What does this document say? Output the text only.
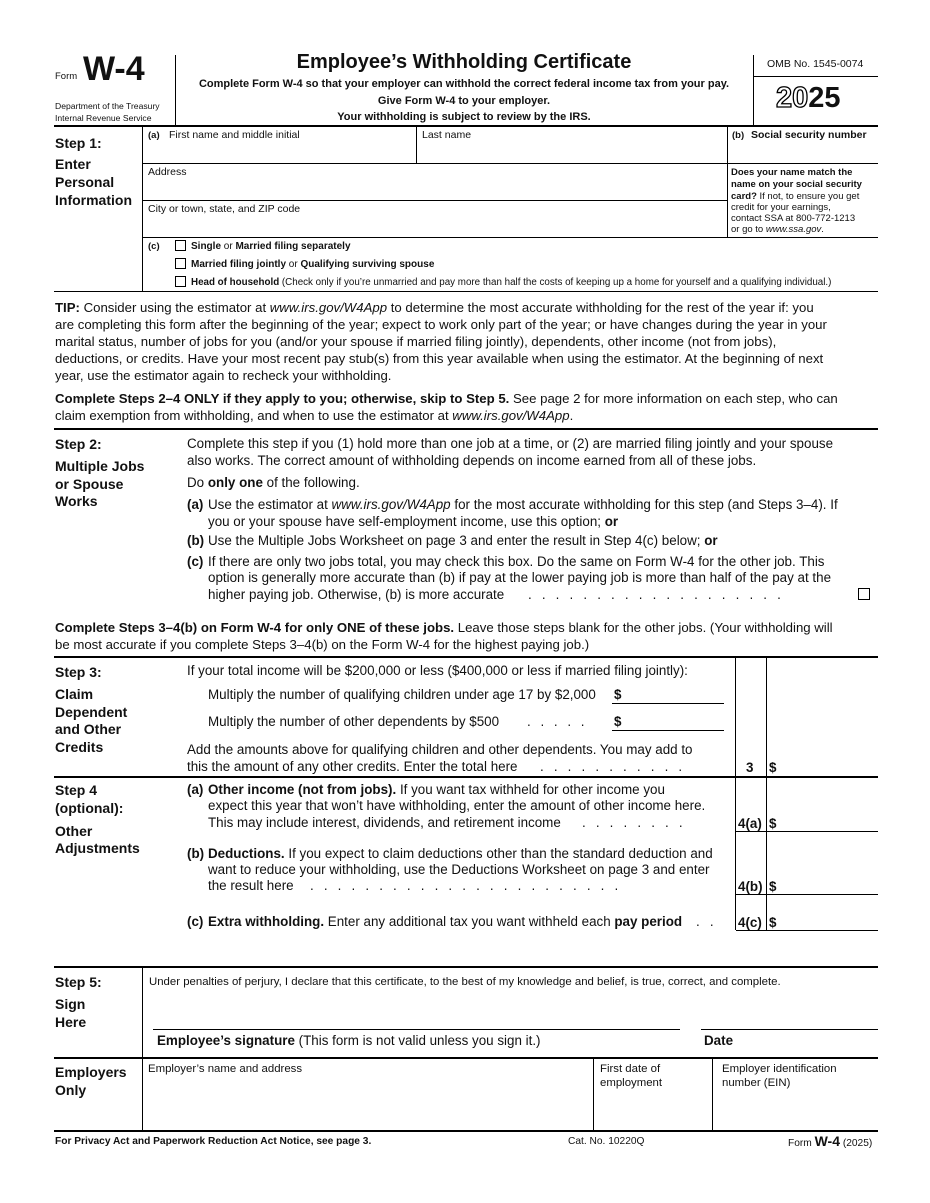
Form W-4
Department of the Treasury
Internal Revenue Service
Employee’s Withholding Certificate
Complete Form W-4 so that your employer can withhold the correct federal income tax from your pay.
Give Form W-4 to your employer.
Your withholding is subject to review by the IRS.
OMB No. 1545-0074
2025
Step 1:
Enter
Personal
Information
(a) First name and middle initial	Last name	(b) Social security number
Address	Does your name match the
name on your social security
card? If not, to ensure you get
credit for your earnings,
contact SSA at 800-772-1213
or go to www.ssa.gov.
City or town, state, and ZIP code
(c)	Single or Married filing separately
Married filing jointly or Qualifying surviving spouse
Head of household (Check only if you’re unmarried and pay more than half the costs of keeping up a home for yourself and a qualifying individual.)

TIP: Consider using the estimator at www.irs.gov/W4App to determine the most accurate withholding for the rest of the year if: you

are completing this form after the beginning of the year; expect to work only part of the year; or have changes during the year in your

marital status, number of jobs for you (and/or your spouse if married filing jointly), dependents, other income (not from jobs),

deductions, or credits. Have your most recent pay stub(s) from this year available when using the estimator. At the beginning of next

year, use the estimator again to recheck your withholding.

Complete Steps 2–4 ONLY if they apply to you; otherwise, skip to Step 5. See page 2 for more information on each step, who can

claim exemption from withholding, and when to use the estimator at www.irs.gov/W4App.

Step 2:
Multiple Jobs
or Spouse
Works
Complete this step if you (1) hold more than one job at a time, or (2) are married filing jointly and your spouse
also works. The correct amount of withholding depends on income earned from all of these jobs.
Do only one of the following.
(a) Use the estimator at www.irs.gov/W4App for the most accurate withholding for this step (and Steps 3–4). If
you or your spouse have self-employment income, use this option; or
(b) Use the Multiple Jobs Worksheet on page 3 and enter the result in Step 4(c) below; or
(c) If there are only two jobs total, you may check this box. Do the same on Form W-4 for the other job. This
option is generally more accurate than (b) if pay at the lower paying job is more than half of the pay at the
higher paying job. Otherwise, (b) is more accurate . . . . . . . . . . . . . . . . . . .

Complete Steps 3–4(b) on Form W-4 for only ONE of these jobs. Leave those steps blank for the other jobs. (Your withholding will

be most accurate if you complete Steps 3–4(b) on the Form W-4 for the highest paying job.)

Step 3:
Claim
Dependent
and Other
Credits
If your total income will be $200,000 or less ($400,000 or less if married filing jointly):
Multiply the number of qualifying children under age 17 by $2,000 $
Multiply the number of other dependents by $500 . . . . . $
Add the amounts above for qualifying children and other dependents. You may add to
this the amount of any other credits. Enter the total here . . . . . . . . . . .	3 $
Step 4
(optional):
Other
Adjustments
(a) Other income (not from jobs). If you want tax withheld for other income you
expect this year that won’t have withholding, enter the amount of other income here.
This may include interest, dividends, and retirement income . . . . . . . .	4(a) $
(b) Deductions. If you expect to claim deductions other than the standard deduction and
want to reduce your withholding, use the Deductions Worksheet on page 3 and enter
the result here . . . . . . . . . . . . . . . . . . . . . . .	4(b) $
(c) Extra withholding. Enter any additional tax you want withheld each pay period . . 4(c) $
Step 5:
Sign
Here
Under penalties of perjury, I declare that this certificate, to the best of my knowledge and belief, is true, correct, and complete.
Employee’s signature (This form is not valid unless you sign it.)	Date
Employers
Only
Employer’s name and address	First date of
employment
Employer identification
number (EIN)
For Privacy Act and Paperwork Reduction Act Notice, see page 3.	Cat. No. 10220Q	Form W-4 (2025)
